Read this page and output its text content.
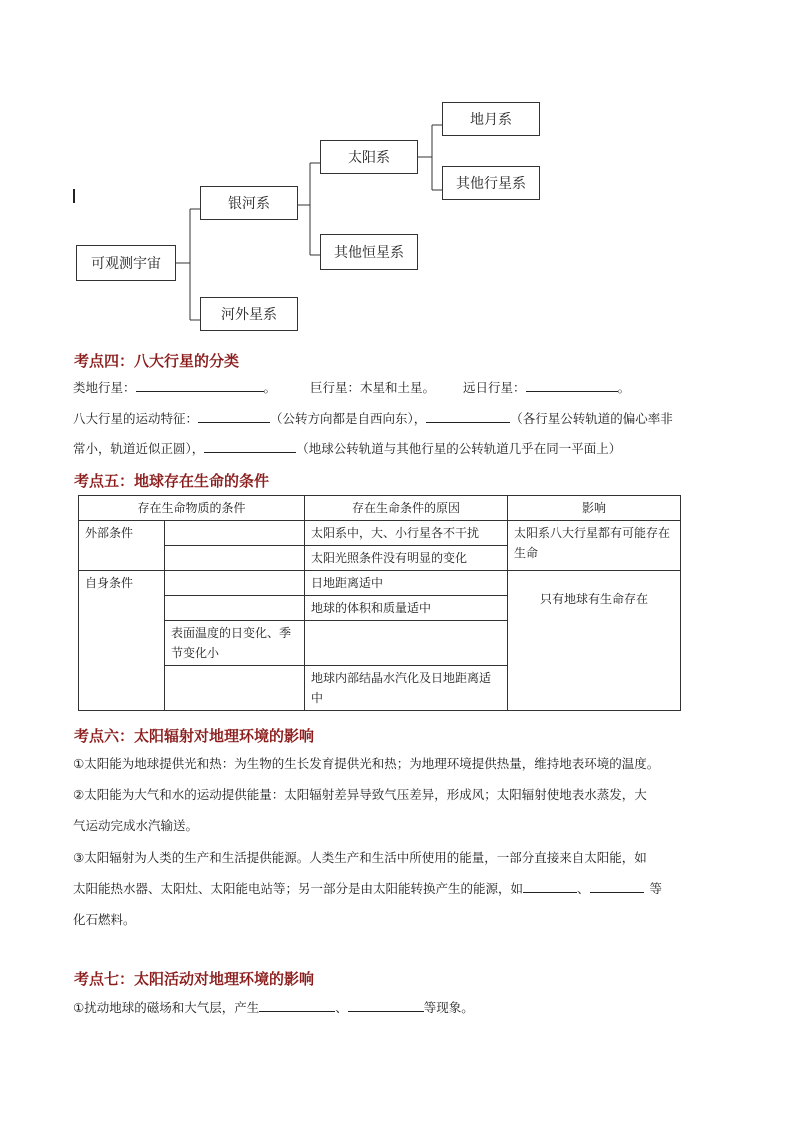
可观测宇宙
银河系
河外星系
太阳系
其他恒星系
地月系
其他行星系
考点四：八大行星的分类
类地行星：	。	巨行星：木星和土星。 远日行星：	。
八大行星的运动特征：	（公转方向都是自西向东），	（各行星公转轨道的偏心率非
常小，轨道近似正圆），	（地球公转轨道与其他行星的公转轨道几乎在同一平面上）
考点五：地球存在生命的条件
存在生命物质的条件		存在生命条件的原因	影响
外部条件		太阳系中，大、小行星各不干扰	太阳系八大行星都有可能存在生命
		太阳光照条件没有明显的变化	
自身条件		日地距离适中	只有地球有生命存在
		地球的体积和质量适中	
	表面温度的日变化、季节变化小		
		地球内部结晶水汽化及日地距离适中	
考点六：太阳辐射对地理环境的影响
①太阳能为地球提供光和热：为生物的生长发育提供光和热；为地理环境提供热量，维持地表环境的温度。
②太阳能为大气和水的运动提供能量：太阳辐射差异导致气压差异，形成风；太阳辐射使地表水蒸发，大
气运动完成水汽输送。
③太阳辐射为人类的生产和生活提供能源。人类生产和生活中所使用的能量，一部分直接来自太阳能，如
太阳能热水器、太阳灶、太阳能电站等；另一部分是由太阳能转换产生的能源，如	、	等
化石燃料。
考点七：太阳活动对地理环境的影响
①扰动地球的磁场和大气层，产生	、	等现象。
